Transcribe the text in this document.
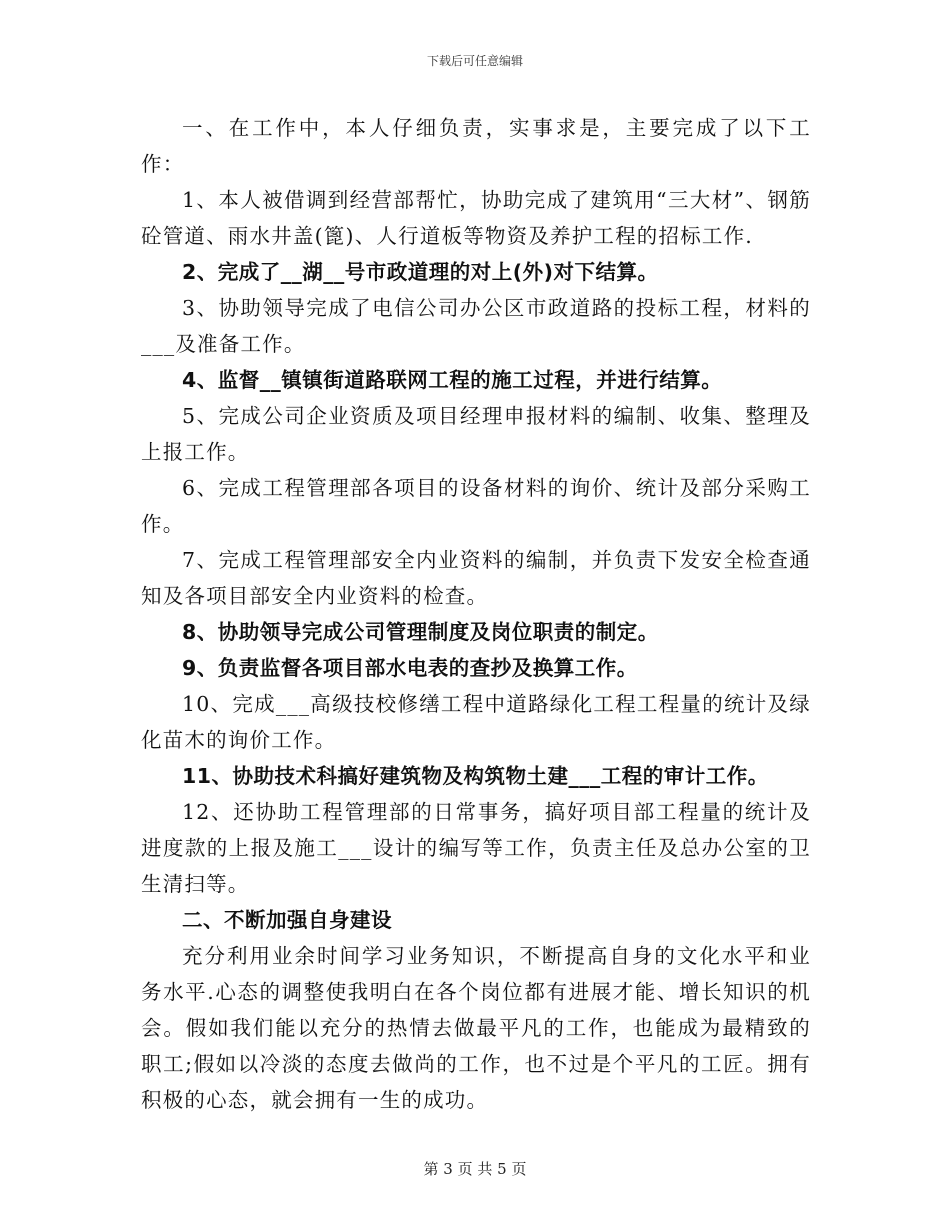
下载后可任意编辑

一、在工作中，本人仔细负责，实事求是，主要完成了以下工作：

1、本人被借调到经营部帮忙，协助完成了建筑用“三大材”、钢筋砼管道、雨水井盖(篦)、人行道板等物资及养护工程的招标工作.

2、完成了__湖__号市政道理的对上(外)对下结算。

3、协助领导完成了电信公司办公区市政道路的投标工程，材料的___及准备工作。

4、监督__镇镇街道路联网工程的施工过程，并进行结算。

5、完成公司企业资质及项目经理申报材料的编制、收集、整理及上报工作。

6、完成工程管理部各项目的设备材料的询价、统计及部分采购工作。

7、完成工程管理部安全内业资料的编制，并负责下发安全检查通知及各项目部安全内业资料的检查。

8、协助领导完成公司管理制度及岗位职责的制定。

9、负责监督各项目部水电表的查抄及换算工作。

10、完成___高级技校修缮工程中道路绿化工程工程量的统计及绿化苗木的询价工作。

11、协助技术科搞好建筑物及构筑物土建___工程的审计工作。

12、还协助工程管理部的日常事务，搞好项目部工程量的统计及进度款的上报及施工___设计的编写等工作，负责主任及总办公室的卫生清扫等。

二、不断加强自身建设

充分利用业余时间学习业务知识，不断提高自身的文化水平和业务水平.心态的调整使我明白在各个岗位都有进展才能、增长知识的机会。假如我们能以充分的热情去做最平凡的工作，也能成为最精致的职工;假如以冷淡的态度去做尚的工作，也不过是个平凡的工匠。拥有积极的心态，就会拥有一生的成功。

第 3 页 共 5 页
